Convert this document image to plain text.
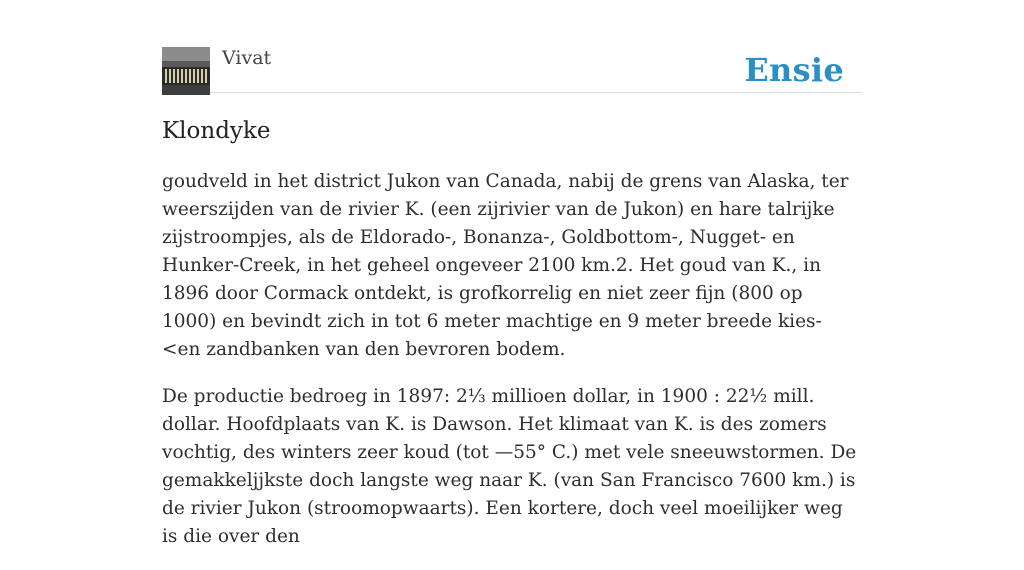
Vivat	Ensie
Klondyke

goudveld in het district Jukon van Canada, nabij de grens van Alaska, ter weerszijden van de rivier K. (een zijrivier van de Jukon) en hare talrijke zijstroompjes, als de Eldorado-, Bonanza-, Goldbottom-, Nugget- en Hunker-Creek, in het geheel ongeveer 2100 km.2. Het goud van K., in 1896 door Cormack ontdekt, is grofkorrelig en niet zeer fijn (800 op 1000) en bevindt zich in tot 6 meter machtige en 9 meter breede kies- <en zandbanken van den bevroren bodem.

De productie bedroeg in 1897: 2⅓ millioen dollar, in 1900 : 22½ mill. dollar. Hoofdplaats van K. is Dawson. Het klimaat van K. is des zomers vochtig, des winters zeer koud (tot —55° C.) met vele sneeuwstormen. De gemakkeljjkste doch langste weg naar K. (van San Francisco 7600 km.) is de rivier Jukon (stroomopwaarts). Een kortere, doch veel moeilijker weg is die over den
